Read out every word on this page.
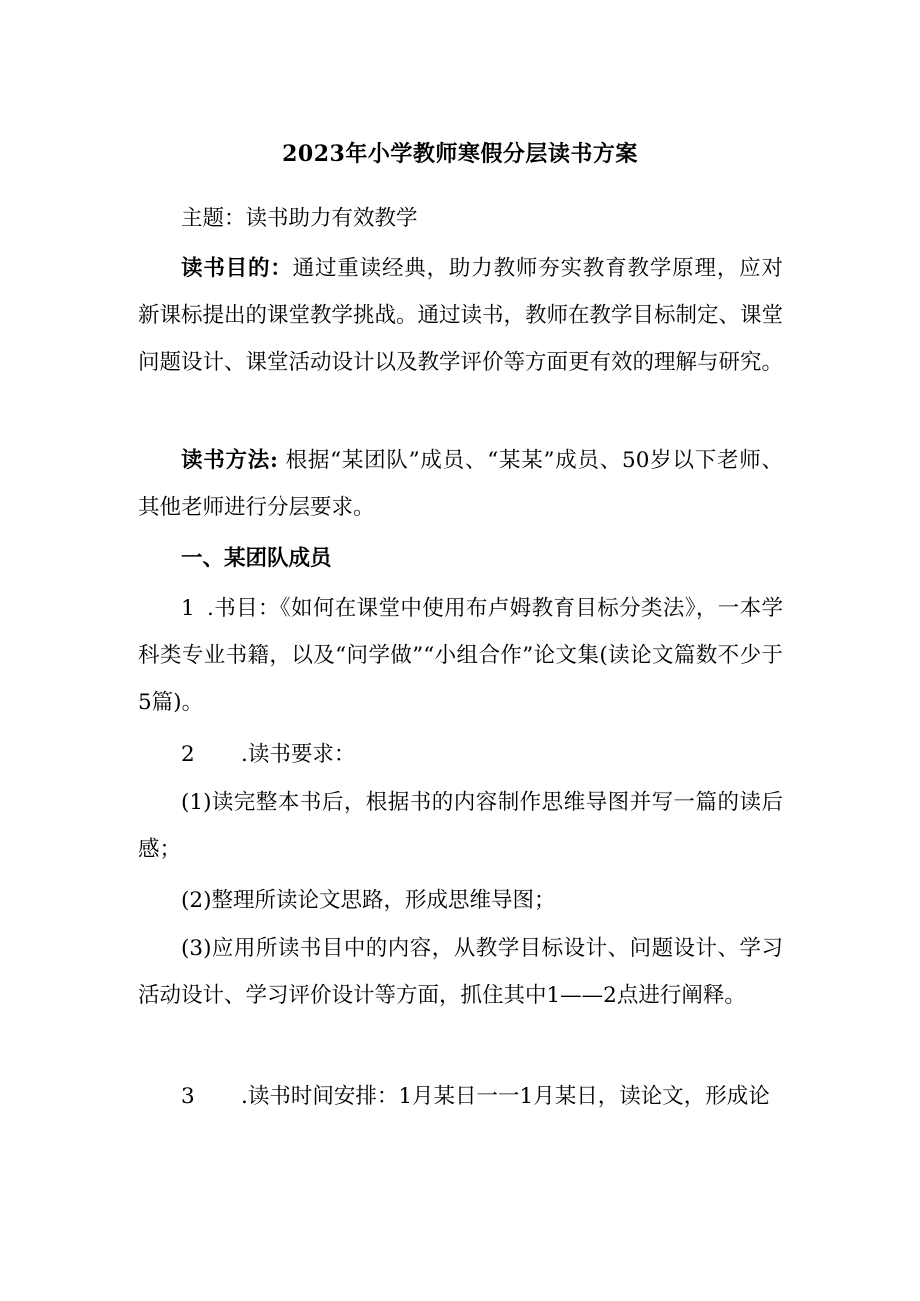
2023年小学教师寒假分层读书方案
主题：读书助力有效教学
读书目的：通过重读经典，助力教师夯实教育教学原理，应对新课标提出的课堂教学挑战。通过读书，教师在教学目标制定、课堂问题设计、课堂活动设计以及教学评价等方面更有效的理解与研究。
读书方法: 根据“某团队”成员、“某某”成员、50岁以下老师、其他老师进行分层要求。
一、某团队成员
1 .书目：《如何在课堂中使用布卢姆教育目标分类法》，一本学科类专业书籍，以及“问学做”“小组合作”论文集(读论文篇数不少于5篇)。
2 .读书要求：
(1)读完整本书后，根据书的内容制作思维导图并写一篇的读后感；
(2)整理所读论文思路，形成思维导图；
(3)应用所读书目中的内容，从教学目标设计、问题设计、学习活动设计、学习评价设计等方面，抓住其中1——2点进行阐释。
3 .读书时间安排：1月某日一一1月某日，读论文，形成论
